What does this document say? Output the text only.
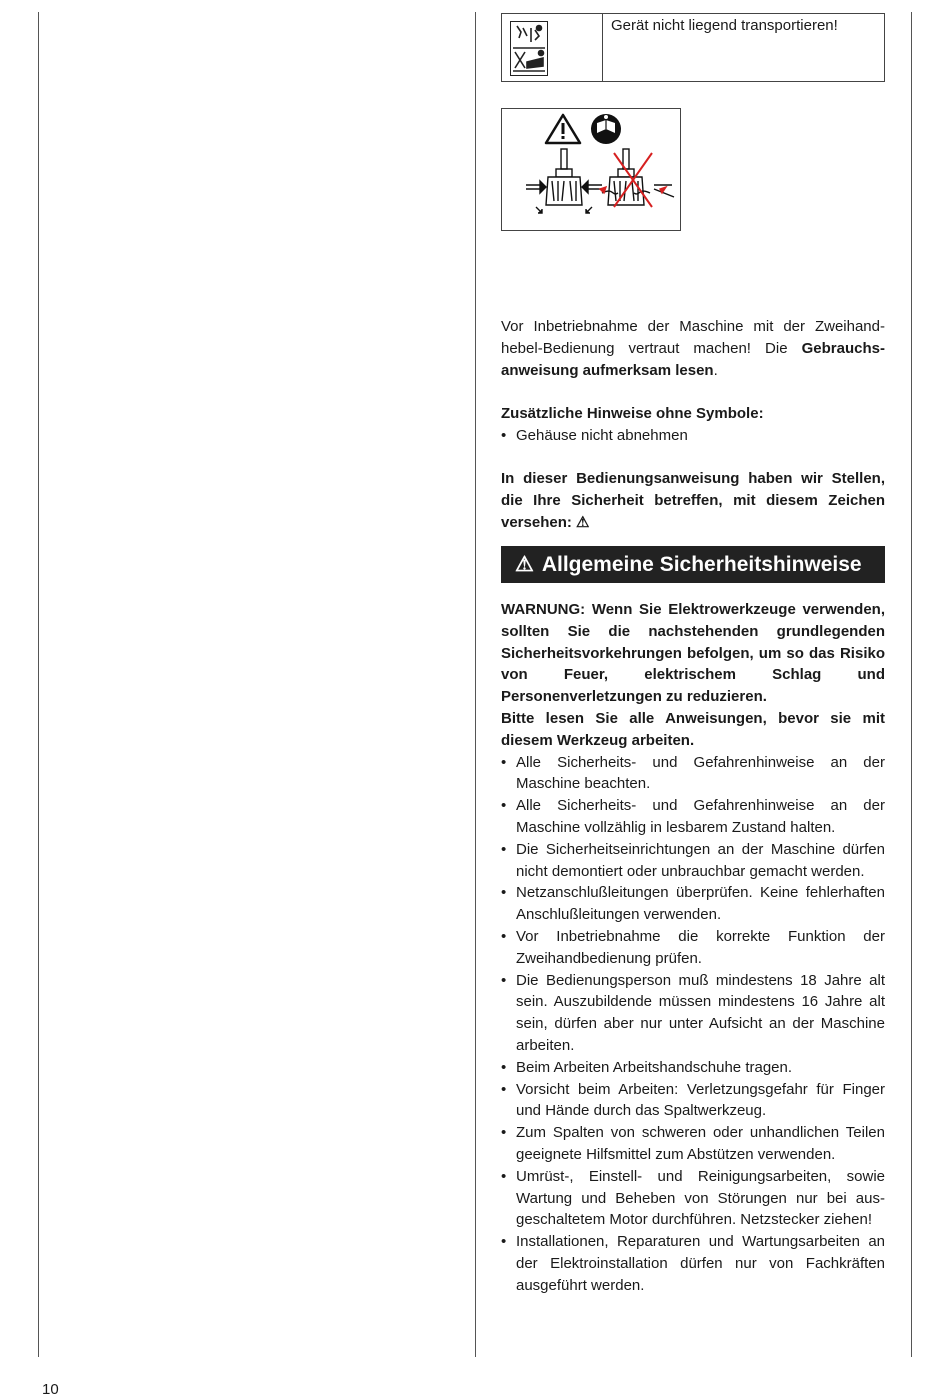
Gerät nicht liegend transportieren!

Vor Inbetriebnahme der Maschine mit der Zweihandhebel-Bedienung vertraut machen! Die Gebrauchsanweisung aufmerksam lesen.

Zusätzliche Hinweise ohne Symbole:

• Gehäuse nicht abnehmen

In dieser Bedienungsanweisung haben wir Stellen, die Ihre Sicherheit betreffen, mit diesem Zeichen versehen: ⚠

⚠ Allgemeine Sicherheitshinweise

WARNUNG: Wenn Sie Elektrowerkzeuge verwenden, sollten Sie die nachstehenden grundlegenden Sicherheitsvorkehrungen befolgen, um so das Risiko von Feuer, elektrischem Schlag und Personenverletzungen zu reduzieren.

Bitte lesen Sie alle Anweisungen, bevor sie mit diesem Werkzeug arbeiten.

• Alle Sicherheits- und Gefahrenhinweise an der Maschine beachten.
• Alle Sicherheits- und Gefahrenhinweise an der Maschine vollzählig in lesbarem Zustand halten.
• Die Sicherheitseinrichtungen an der Maschine dürfen nicht demontiert oder unbrauchbar gemacht werden.
• Netzanschlußleitungen überprüfen. Keine fehlerhaften Anschlußleitungen verwenden.
• Vor Inbetriebnahme die korrekte Funktion der Zweihandbedienung prüfen.
• Die Bedienungsperson muß mindestens 18 Jahre alt sein. Auszubildende müssen mindestens 16 Jahre alt sein, dürfen aber nur unter Aufsicht an der Maschine arbeiten.
• Beim Arbeiten Arbeitshandschuhe tragen.
• Vorsicht beim Arbeiten: Verletzungsgefahr für Finger und Hände durch das Spaltwerkzeug.
• Zum Spalten von schweren oder unhandlichen Teilen geeignete Hilfsmittel zum Abstützen verwenden.
• Umrüst-, Einstell- und Reinigungsarbeiten, sowie Wartung und Beheben von Störungen nur bei ausgeschaltetem Motor durchführen. Netzstecker ziehen!
• Installationen, Reparaturen und Wartungsarbeiten an der Elektroinstallation dürfen nur von Fachkräften ausgeführt werden.
10
